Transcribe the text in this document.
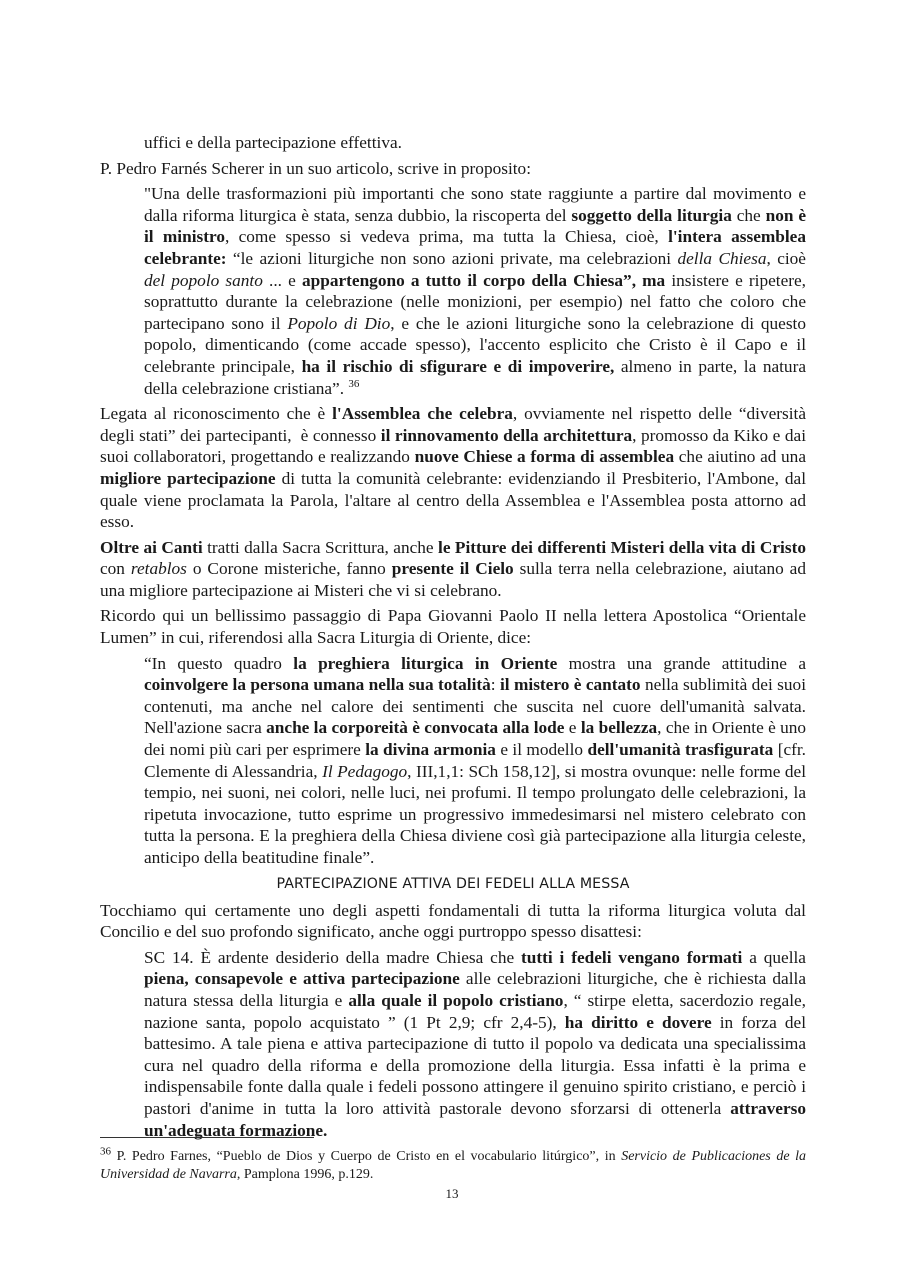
uffici e della partecipazione effettiva.

P. Pedro Farnés Scherer in un suo articolo, scrive in proposito:

"Una delle trasformazioni più importanti che sono state raggiunte a partire dal movimento e dalla riforma liturgica è stata, senza dubbio, la riscoperta del soggetto della liturgia che non è il ministro, come spesso si vedeva prima, ma tutta la Chiesa, cioè, l'intera assemblea celebrante: “le azioni liturgiche non sono azioni private, ma celebrazioni della Chiesa, cioè del popolo santo ... e appartengono a tutto il corpo della Chiesa”, ma insistere e ripetere, soprattutto durante la celebrazione (nelle monizioni, per esempio) nel fatto che coloro che partecipano sono il Popolo di Dio, e che le azioni liturgiche sono la celebrazione di questo popolo, dimenticando (come accade spesso), l'accento esplicito che Cristo è il Capo e il celebrante principale, ha il rischio di sfigurare e di impoverire, almeno in parte, la natura della celebrazione cristiana”. $^{36}$

Legata al riconoscimento che è l'Assemblea che celebra, ovviamente nel rispetto delle “diversità degli stati” dei partecipanti,  è connesso il rinnovamento della architettura, promosso da Kiko e dai suoi collaboratori, progettando e realizzando nuove Chiese a forma di assemblea che aiutino ad una migliore partecipazione di tutta la comunità celebrante: evidenziando il Presbiterio, l'Ambone, dal quale viene proclamata la Parola, l'altare al centro della Assemblea e l'Assemblea posta attorno ad esso.

Oltre ai Canti tratti dalla Sacra Scrittura, anche le Pitture dei differenti Misteri della vita di Cristo con retablos o Corone misteriche, fanno presente il Cielo sulla terra nella celebrazione, aiutano ad una migliore partecipazione ai Misteri che vi si celebrano.

Ricordo qui un bellissimo passaggio di Papa Giovanni Paolo II nella lettera Apostolica “Orientale Lumen” in cui, riferendosi alla Sacra Liturgia di Oriente, dice:

“In questo quadro la preghiera liturgica in Oriente mostra una grande attitudine a coinvolgere la persona umana nella sua totalità: il mistero è cantato nella sublimità dei suoi contenuti, ma anche nel calore dei sentimenti che suscita nel cuore dell'umanità salvata. Nell'azione sacra anche la corporeità è convocata alla lode e la bellezza, che in Oriente è uno dei nomi più cari per esprimere la divina armonia e il modello dell'umanità trasfigurata [cfr. Clemente di Alessandria, Il Pedagogo, III,1,1: SCh 158,12], si mostra ovunque: nelle forme del tempio, nei suoni, nei colori, nelle luci, nei profumi. Il tempo prolungato delle celebrazioni, la ripetuta invocazione, tutto esprime un progressivo immedesimarsi nel mistero celebrato con tutta la persona. E la preghiera della Chiesa diviene così già partecipazione alla liturgia celeste, anticipo della beatitudine finale”.

PARTECIPAZIONE ATTIVA DEI FEDELI ALLA MESSA

Tocchiamo qui certamente uno degli aspetti fondamentali di tutta la riforma liturgica voluta dal Concilio e del suo profondo significato, anche oggi purtroppo spesso disattesi:

SC 14. È ardente desiderio della madre Chiesa che tutti i fedeli vengano formati a quella piena, consapevole e attiva partecipazione alle celebrazioni liturgiche, che è richiesta dalla natura stessa della liturgia e alla quale il popolo cristiano, “ stirpe eletta, sacerdozio regale, nazione santa, popolo acquistato ” (1 Pt 2,9; cfr 2,4-5), ha diritto e dovere in forza del battesimo. A tale piena e attiva partecipazione di tutto il popolo va dedicata una specialissima cura nel quadro della riforma e della promozione della liturgia. Essa infatti è la prima e indispensabile fonte dalla quale i fedeli possono attingere il genuino spirito cristiano, e perciò i pastori d'anime in tutta la loro attività pastorale devono sforzarsi di ottenerla attraverso un'adeguata formazione.

$^{36}$ P. Pedro Farnes, “Pueblo de Dios y Cuerpo de Cristo en el vocabulario litúrgico”, in Servicio de Publicaciones de la Universidad de Navarra, Pamplona 1996, p.129.
13
